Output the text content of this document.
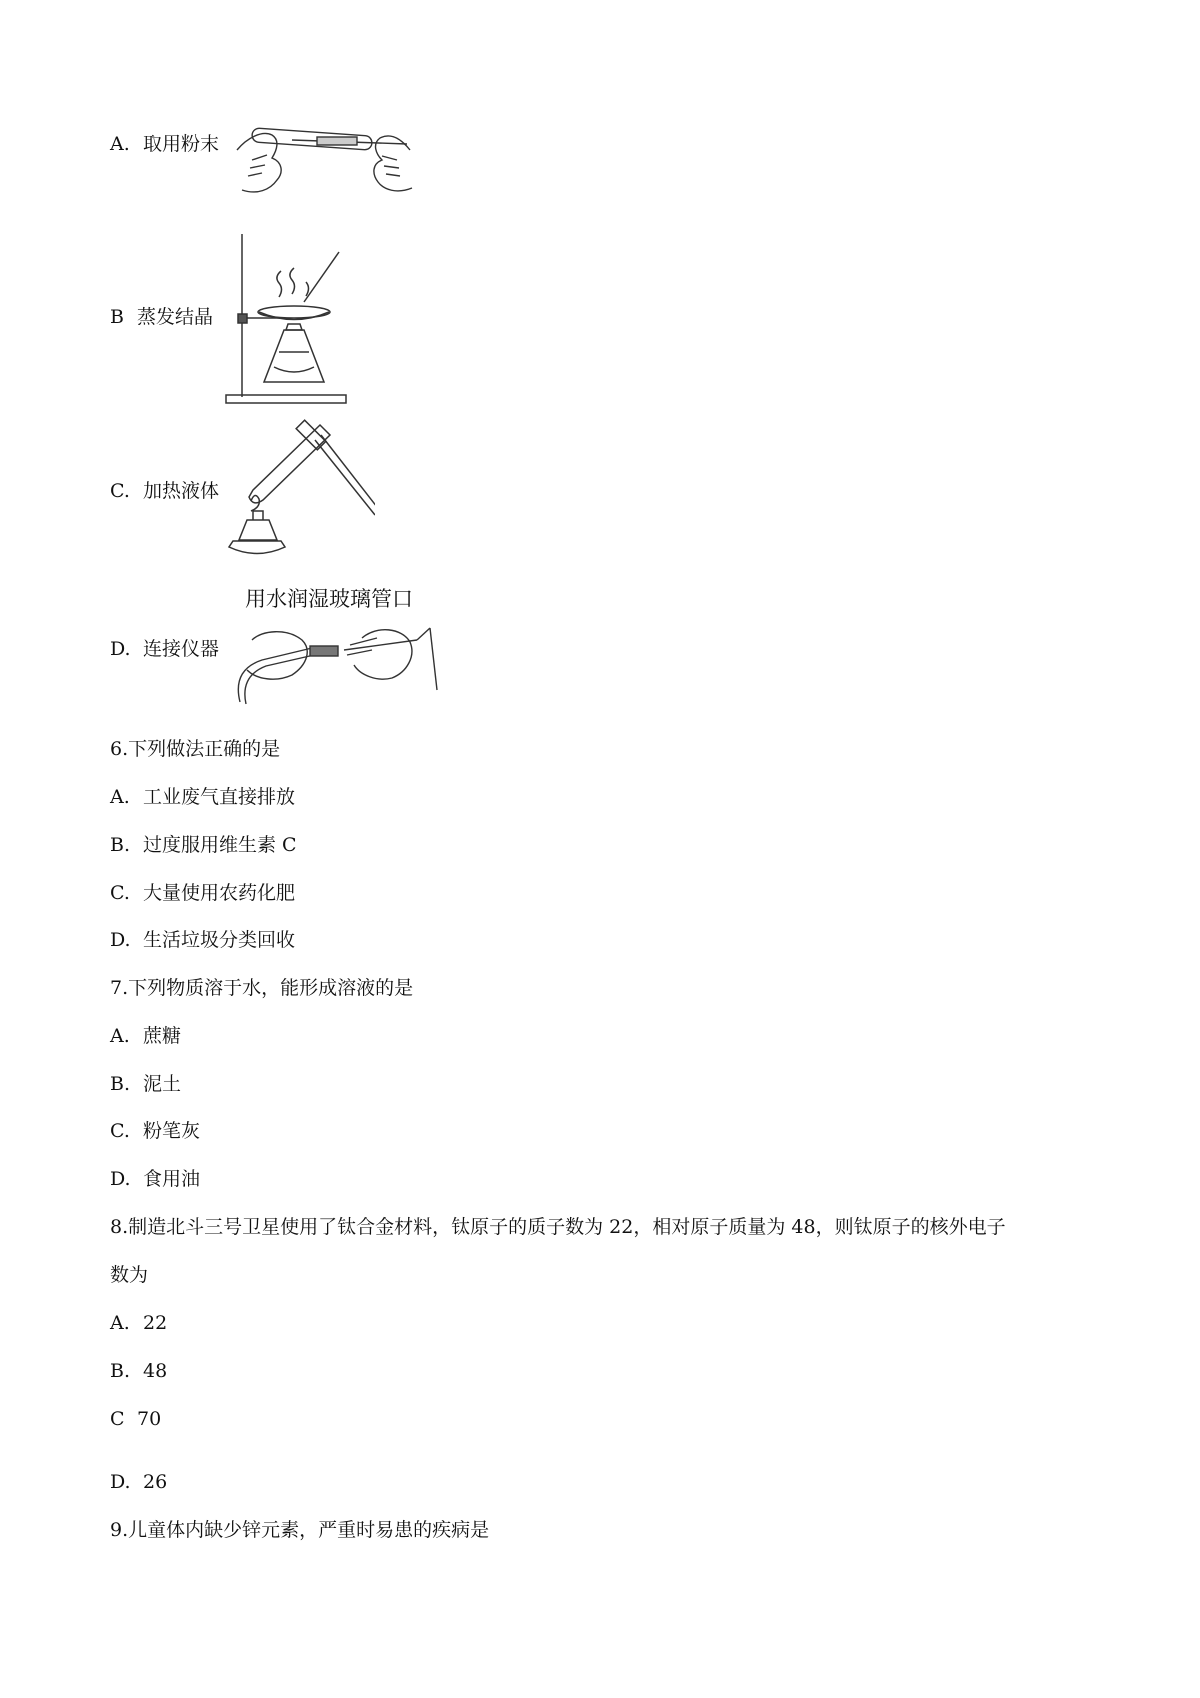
A. 取用粉末
B 蒸发结晶
C. 加热液体
D. 连接仪器
用水润湿玻璃管口
6.下列做法正确的是
A. 工业废气直接排放
B. 过度服用维生素 C
C. 大量使用农药化肥
D. 生活垃圾分类回收
7.下列物质溶于水，能形成溶液的是
A. 蔗糖
B. 泥土
C. 粉笔灰
D. 食用油
8.制造北斗三号卫星使用了钛合金材料，钛原子的质子数为 22，相对原子质量为 48，则钛原子的核外电子
数为
A. 22
B. 48
C 70
D. 26
9.儿童体内缺少锌元素，严重时易患的疾病是
